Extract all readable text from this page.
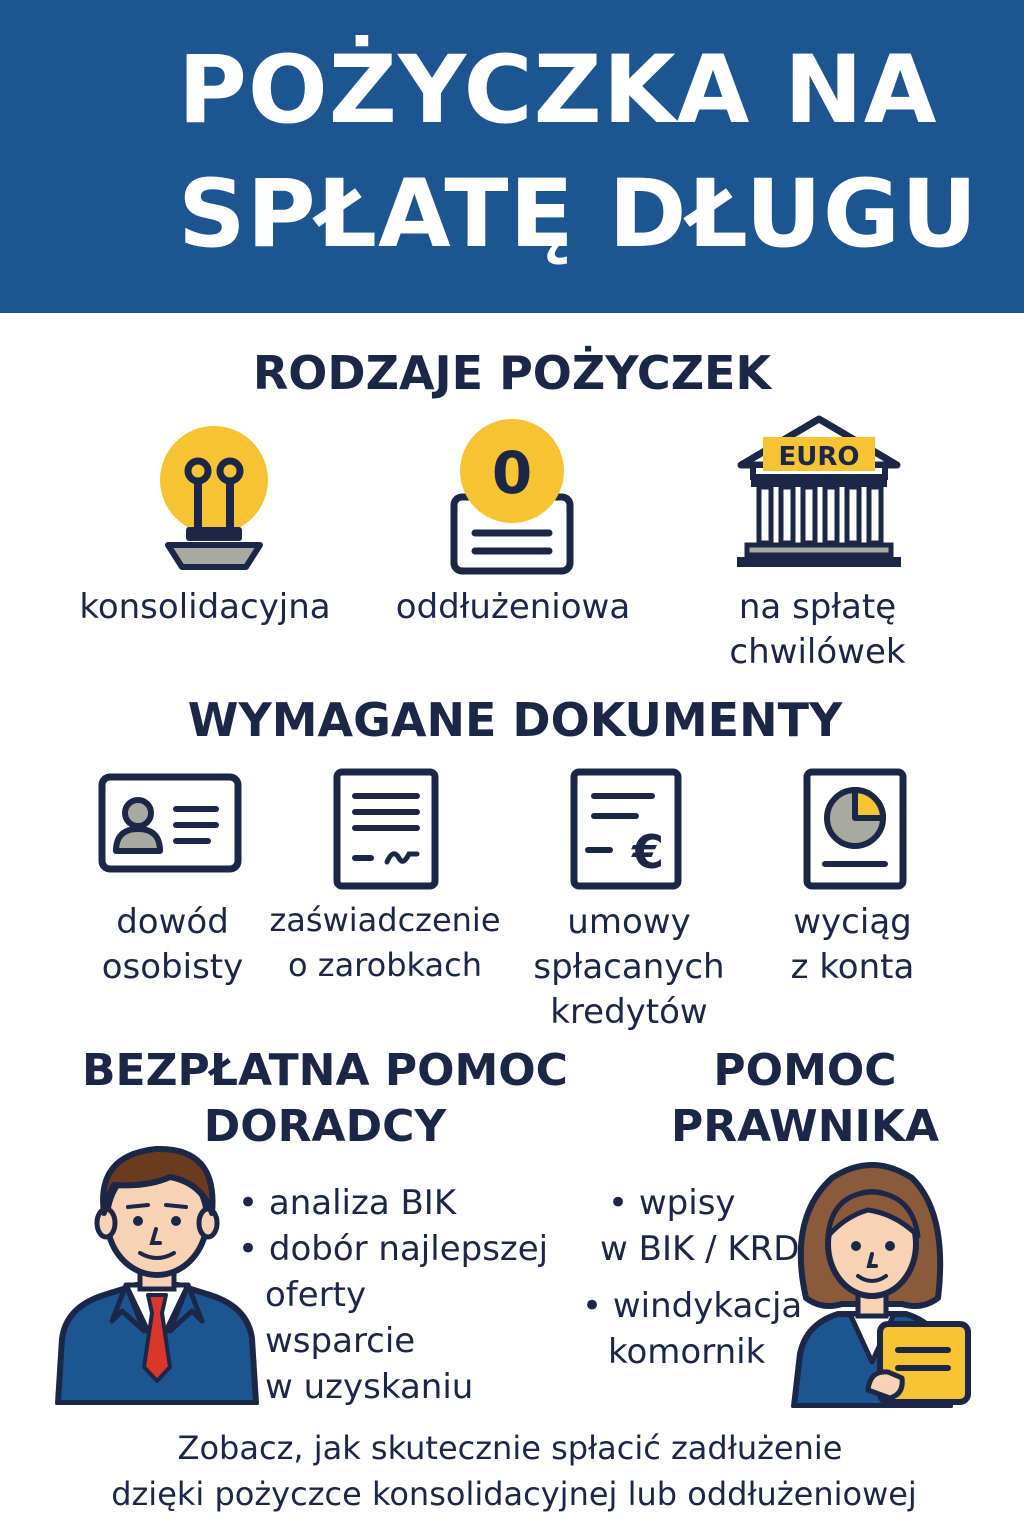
POŻYCZKA NA
SPŁATĘ DŁUGU
RODZAJE POŻYCZEK
0	EURO
konsolidacyjna	oddłużeniowa	na spłatę
chwilówek
WYMAGANE DOKUMENTY
€
dowód
osobisty
zaświadczenie
o zarobkach
umowy
spłacanych
kredytów
wyciąg
z konta
BEZPŁATNA POMOC
DORADCY
• analiza BIK
• dobór najlepszej
oferty
wsparcie
w uzyskaniu
POMOC
PRAWNIKA
• wpisy
w BIK / KRD
• windykacja
komornik
Zobacz, jak skutecznie spłacić zadłużenie
dzięki pożyczce konsolidacyjnej lub oddłużeniowej
